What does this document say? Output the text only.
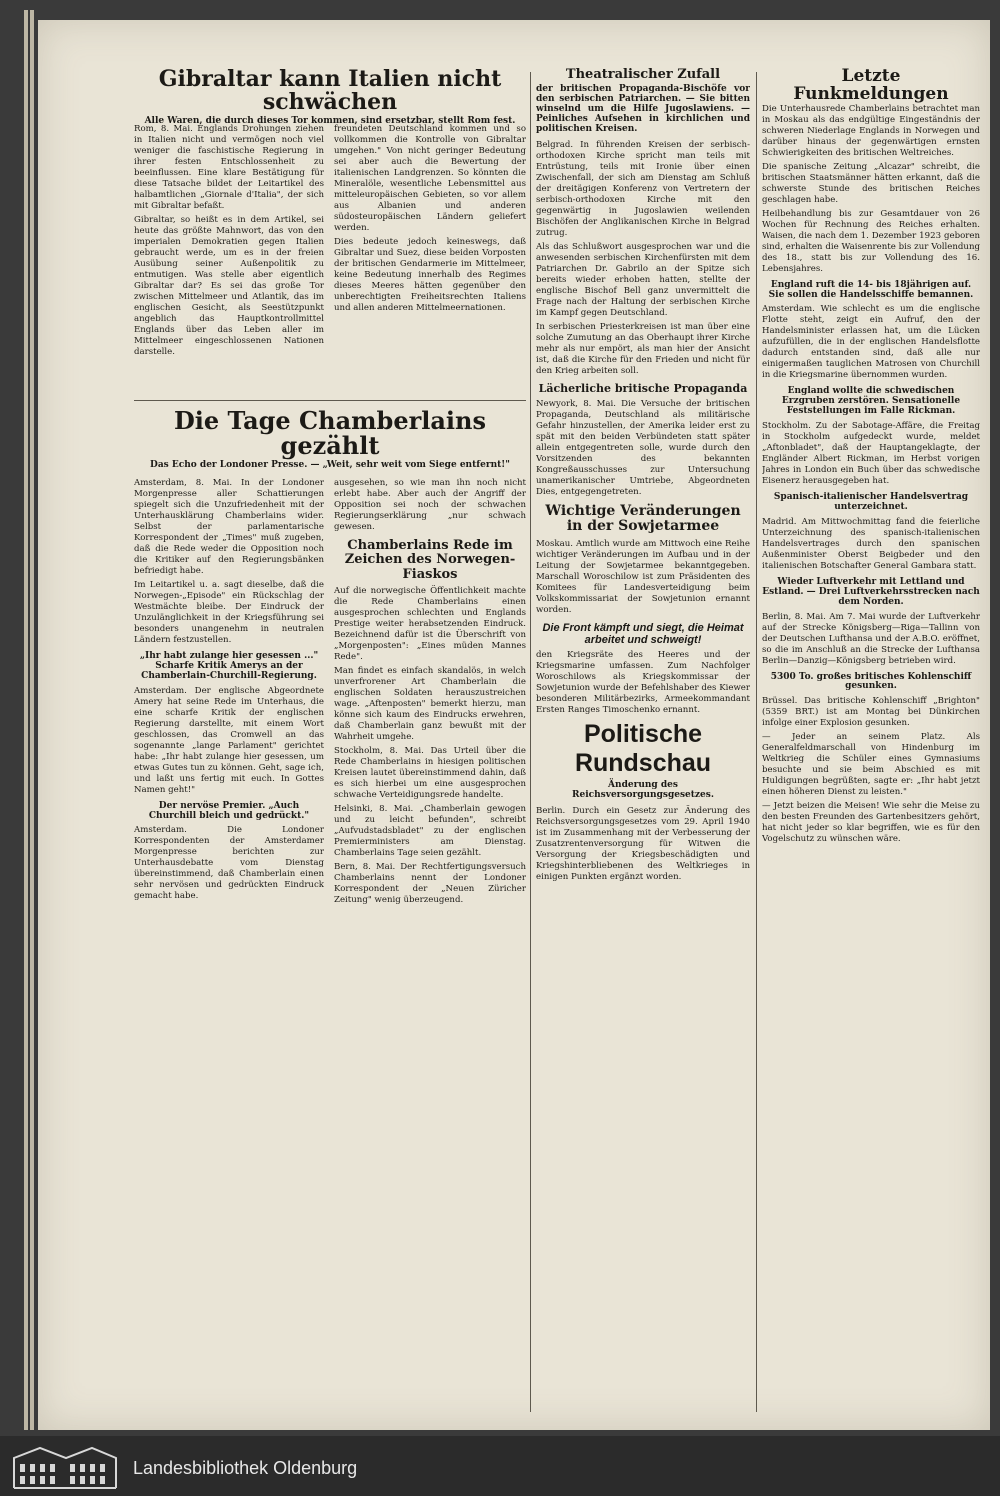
Gibraltar kann Italien nicht schwächen

Alle Waren, die durch dieses Tor kommen, sind ersetzbar, stellt Rom fest.

Rom, 8. Mai. Englands Drohungen ziehen in Italien nicht und vermögen noch viel weniger die faschistische Regierung in ihrer festen Entschlossenheit zu beeinflussen. Eine klare Bestätigung für diese Tatsache bildet der Leitartikel des halbamtlichen „Giornale d'Italia", der sich mit Gibraltar befaßt.

Gibraltar, so heißt es in dem Artikel, sei heute das größte Mahnwort, das von den imperialen Demokratien gegen Italien gebraucht werde, um es in der freien Ausübung seiner Außenpolitik zu entmutigen. Was stelle aber eigentlich Gibraltar dar? Es sei das große Tor zwischen Mittelmeer und Atlantik, das im englischen Gesicht, als Seestützpunkt angeblich das Hauptkontrollmittel Englands über das Leben aller im Mittelmeer eingeschlossenen Nationen darstelle.

freundeten Deutschland kommen und so vollkommen die Kontrolle von Gibraltar umgehen." Von nicht geringer Bedeutung sei aber auch die Bewertung der italienischen Landgrenzen. So könnten die Mineralöle, wesentliche Lebensmittel aus mitteleuropäischen Gebieten, so vor allem aus Albanien und anderen südosteuropäischen Ländern geliefert werden.

Dies bedeute jedoch keineswegs, daß Gibraltar und Suez, diese beiden Vorposten der britischen Gendarmerie im Mittelmeer, keine Bedeutung innerhalb des Regimes dieses Meeres hätten gegenüber den unberechtigten Freiheitsrechten Italiens und allen anderen Mittelmeernationen.

Die Tage Chamberlains gezählt

Das Echo der Londoner Presse. — „Weit, sehr weit vom Siege entfernt!"

Amsterdam, 8. Mai. In der Londoner Morgenpresse aller Schattierungen spiegelt sich die Unzufriedenheit mit der Unterhausklärung Chamberlains wider. Selbst der parlamentarische Korrespondent der „Times" muß zugeben, daß die Rede weder die Opposition noch die Kritiker auf den Regierungsbänken befriedigt habe.

Im Leitartikel u. a. sagt dieselbe, daß die Norwegen-„Episode" ein Rückschlag der Westmächte bleibe. Der Eindruck der Unzulänglichkeit in der Kriegsführung sei besonders unangenehm in neutralen Ländern festzustellen.

„Ihr habt zulange hier gesessen ..." Scharfe Kritik Amerys an der Chamberlain-Churchill-Regierung.

Amsterdam. Der englische Abgeordnete Amery hat seine Rede im Unterhaus, die eine scharfe Kritik der englischen Regierung darstellte, mit einem Wort geschlossen, das Cromwell an das sogenannte „lange Parlament" gerichtet habe: „Ihr habt zulange hier gesessen, um etwas Gutes tun zu können. Geht, sage ich, und laßt uns fertig mit euch. In Gottes Namen geht!"

Der nervöse Premier. „Auch Churchill bleich und gedrückt."

Amsterdam. Die Londoner Korrespondenten der Amsterdamer Morgenpresse berichten zur Unterhausdebatte vom Dienstag übereinstimmend, daß Chamberlain einen sehr nervösen und gedrückten Eindruck gemacht habe.

ausgesehen, so wie man ihn noch nicht erlebt habe. Aber auch der Angriff der Opposition sei noch der schwachen Regierungserklärung „nur schwach gewesen.

Chamberlains Rede im Zeichen des Norwegen-Fiaskos

Auf die norwegische Öffentlichkeit machte die Rede Chamberlains einen ausgesprochen schlechten und Englands Prestige weiter herabsetzenden Eindruck. Bezeichnend dafür ist die Überschrift von „Morgenposten": „Eines müden Mannes Rede".

Man findet es einfach skandalös, in welch unverfrorener Art Chamberlain die englischen Soldaten herauszustreichen wage. „Aftenposten" bemerkt hierzu, man könne sich kaum des Eindrucks erwehren, daß Chamberlain ganz bewußt mit der Wahrheit umgehe.

Stockholm, 8. Mai. Das Urteil über die Rede Chamberlains in hiesigen politischen Kreisen lautet übereinstimmend dahin, daß es sich hierbei um eine ausgesprochen schwache Verteidigungsrede handelte.

Helsinki, 8. Mai. „Chamberlain gewogen und zu leicht befunden", schreibt „Aufvudstadsbladet" zu der englischen Premierministers am Dienstag. Chamberlains Tage seien gezählt.

Bern, 8. Mai. Der Rechtfertigungsversuch Chamberlains nennt der Londoner Korrespondent der „Neuen Züricher Zeitung" wenig überzeugend.

Theatralischer Zufall

der britischen Propaganda-Bischöfe vor den serbischen Patriarchen. — Sie bitten winselnd um die Hilfe Jugoslawiens. — Peinliches Aufsehen in kirchlichen und politischen Kreisen.

Belgrad. In führenden Kreisen der serbisch-orthodoxen Kirche spricht man teils mit Entrüstung, teils mit Ironie über einen Zwischenfall, der sich am Dienstag am Schluß der dreitägigen Konferenz von Vertretern der serbisch-orthodoxen Kirche mit den gegenwärtig in Jugoslawien weilenden Bischöfen der Anglikanischen Kirche in Belgrad zutrug.

Als das Schlußwort ausgesprochen war und die anwesenden serbischen Kirchenfürsten mit dem Patriarchen Dr. Gabrilo an der Spitze sich bereits wieder erhoben hatten, stellte der englische Bischof Bell ganz unvermittelt die Frage nach der Haltung der serbischen Kirche im Kampf gegen Deutschland.

In serbischen Priesterkreisen ist man über eine solche Zumutung an das Oberhaupt ihrer Kirche mehr als nur empört, als man hier der Ansicht ist, daß die Kirche für den Frieden und nicht für den Krieg arbeiten soll.

Lächerliche britische Propaganda

Newyork, 8. Mai. Die Versuche der britischen Propaganda, Deutschland als militärische Gefahr hinzustellen, der Amerika leider erst zu spät mit den beiden Verbündeten statt später allein entgegentreten solle, wurde durch den Vorsitzenden des bekannten Kongreßausschusses zur Untersuchung unamerikanischer Umtriebe, Abgeordneten Dies, entgegengetreten.

Wichtige Veränderungen in der Sowjetarmee

Moskau. Amtlich wurde am Mittwoch eine Reihe wichtiger Veränderungen im Aufbau und in der Leitung der Sowjetarmee bekanntgegeben. Marschall Woroschilow ist zum Präsidenten des Komitees für Landesverteidigung beim Volkskommissariat der Sowjetunion ernannt worden.

Die Front kämpft und siegt, die Heimat arbeitet und schweigt!

den Kriegsräte des Heeres und der Kriegsmarine umfassen. Zum Nachfolger Woroschilows als Kriegskommissar der Sowjetunion wurde der Befehlshaber des Kiewer besonderen Militärbezirks, Armeekommandant Ersten Ranges Timoschenko ernannt.

Politische Rundschau

Änderung des Reichsversorgungsgesetzes.

Berlin. Durch ein Gesetz zur Änderung des Reichsversorgungsgesetzes vom 29. April 1940 ist im Zusammenhang mit der Verbesserung der Zusatzrentenversorgung für Witwen die Versorgung der Kriegsbeschädigten und Kriegshinterbliebenen des Weltkrieges in einigen Punkten ergänzt worden.

Letzte Funkmeldungen

Die Unterhausrede Chamberlains betrachtet man in Moskau als das endgültige Eingeständnis der schweren Niederlage Englands in Norwegen und darüber hinaus der gegenwärtigen ernsten Schwierigkeiten des britischen Weltreiches.

Die spanische Zeitung „Alcazar" schreibt, die britischen Staatsmänner hätten erkannt, daß die schwerste Stunde des britischen Reiches geschlagen habe.

Heilbehandlung bis zur Gesamtdauer von 26 Wochen für Rechnung des Reiches erhalten. Waisen, die nach dem 1. Dezember 1923 geboren sind, erhalten die Waisenrente bis zur Vollendung des 18., statt bis zur Vollendung des 16. Lebensjahres.

England ruft die 14- bis 18jährigen auf. Sie sollen die Handelsschiffe bemannen.

Amsterdam. Wie schlecht es um die englische Flotte steht, zeigt ein Aufruf, den der Handelsminister erlassen hat, um die Lücken aufzufüllen, die in der englischen Handelsflotte dadurch entstanden sind, daß alle nur einigermaßen tauglichen Matrosen von Churchill in die Kriegsmarine übernommen wurden.

England wollte die schwedischen Erzgruben zerstören. Sensationelle Feststellungen im Falle Rickman.

Stockholm. Zu der Sabotage-Affäre, die Freitag in Stockholm aufgedeckt wurde, meldet „Aftonbladet", daß der Hauptangeklagte, der Engländer Albert Rickman, im Herbst vorigen Jahres in London ein Buch über das schwedische Eisenerz herausgegeben hat.

Spanisch-italienischer Handelsvertrag unterzeichnet.

Madrid. Am Mittwochmittag fand die feierliche Unterzeichnung des spanisch-italienischen Handelsvertrages durch den spanischen Außenminister Oberst Beigbeder und den italienischen Botschafter General Gambara statt.

Wieder Luftverkehr mit Lettland und Estland. — Drei Luftverkehrsstrecken nach dem Norden.

Berlin, 8. Mai. Am 7. Mai wurde der Luftverkehr auf der Strecke Königsberg—Riga—Tallinn von der Deutschen Lufthansa und der A.B.O. eröffnet, so die im Anschluß an die Strecke der Lufthansa Berlin—Danzig—Königsberg betrieben wird.

5300 To. großes britisches Kohlenschiff gesunken.

Brüssel. Das britische Kohlenschiff „Brighton" (5359 BRT.) ist am Montag bei Dünkirchen infolge einer Explosion gesunken.

— Jeder an seinem Platz. Als Generalfeldmarschall von Hindenburg im Weltkrieg die Schüler eines Gymnasiums besuchte und sie beim Abschied es mit Huldigungen begrüßten, sagte er: „Ihr habt jetzt einen höheren Dienst zu leisten."

— Jetzt beizen die Meisen! Wie sehr die Meise zu den besten Freunden des Gartenbesitzers gehört, hat nicht jeder so klar begriffen, wie es für den Vogelschutz zu wünschen wäre.

Landesbibliothek Oldenburg
